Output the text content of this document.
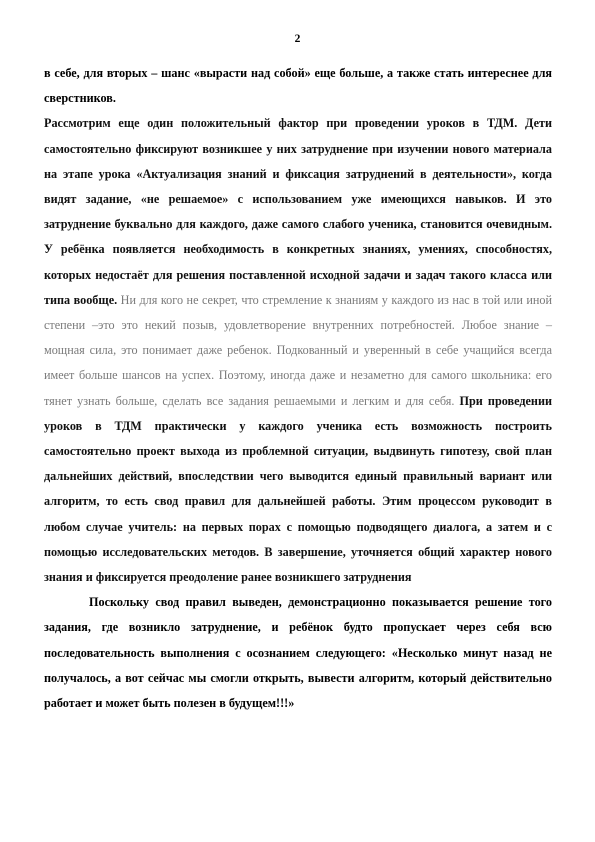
2

в себе, для вторых – шанс «вырасти над собой» еще больше, а также стать интереснее для сверстников.

Рассмотрим еще один положительный фактор при проведении уроков в ТДМ. Дети самостоятельно фиксируют возникшее у них затруднение при изучении нового материала на этапе урока «Актуализация знаний и фиксация затруднений в деятельности», когда видят задание, «не решаемое» с использованием уже имеющихся навыков. И это затруднение буквально для каждого, даже самого слабого ученика, становится очевидным. У ребёнка появляется необходимость в конкретных знаниях, умениях, способностях, которых недостаёт для решения поставленной исходной задачи и задач такого класса или типа вообще. Ни для кого не секрет, что стремление к знаниям у каждого из нас в той или иной степени –это это некий позыв, удовлетворение внутренних потребностей. Любое знание – мощная сила, это понимает даже ребенок. Подкованный и уверенный в себе учащийся всегда имеет больше шансов на успех. Поэтому, иногда даже и незаметно для самого школьника: его тянет узнать больше, сделать все задания решаемыми и легким и для себя. При проведении уроков в ТДМ практически у каждого ученика есть возможность построить самостоятельно проект выхода из проблемной ситуации, выдвинуть гипотезу, свой план дальнейших действий, впоследствии чего выводится единый правильный вариант или алгоритм, то есть свод правил для дальнейшей работы. Этим процессом руководит в любом случае учитель: на первых порах с помощью подводящего диалога, а затем и с помощью исследовательских методов. В завершение, уточняется общий характер нового знания и фиксируется преодоление ранее возникшего затруднения

Поскольку свод правил выведен, демонстрационно показывается решение того задания, где возникло затруднение, и ребёнок будто пропускает через себя всю последовательность выполнения с осознанием следующего: «Несколько минут назад не получалось, а вот сейчас мы смогли открыть, вывести алгоритм, который действительно работает и может быть полезен в будущем!!!»
